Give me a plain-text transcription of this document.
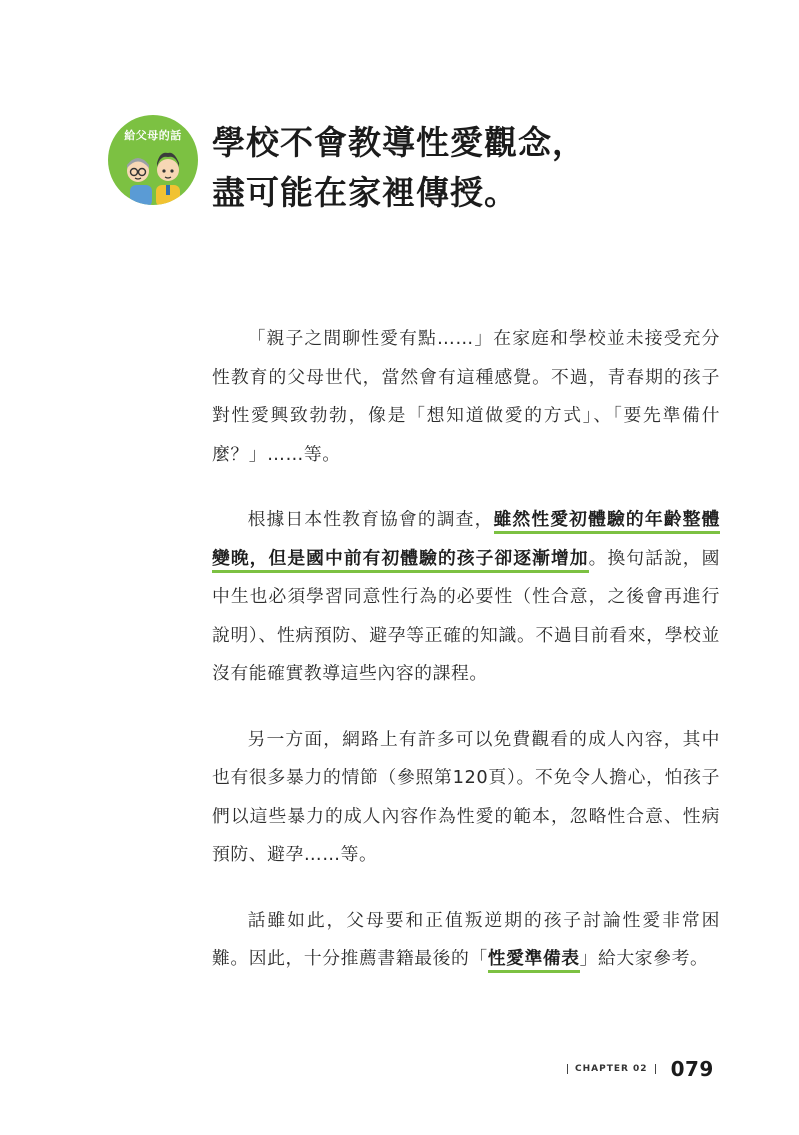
給父母的話 學校不會教導性愛觀念，
盡可能在家裡傳授。

「親子之間聊性愛有點……」在家庭和學校並未接受充分性教育的父母世代，當然會有這種感覺。不過，青春期的孩子對性愛興致勃勃，像是「想知道做愛的方式」、「要先準備什麼？」……等。

根據日本性教育協會的調查，雖然性愛初體驗的年齡整體變晚，但是國中前有初體驗的孩子卻逐漸增加。換句話說，國中生也必須學習同意性行為的必要性（性合意，之後會再進行說明）、性病預防、避孕等正確的知識。不過目前看來，學校並沒有能確實教導這些內容的課程。

另一方面，網路上有許多可以免費觀看的成人內容，其中也有很多暴力的情節（參照第120頁）。不免令人擔心，怕孩子們以這些暴力的成人內容作為性愛的範本，忽略性合意、性病預防、避孕……等。

話雖如此，父母要和正值叛逆期的孩子討論性愛非常困難。因此，十分推薦書籍最後的「性愛準備表」給大家參考。

CHAPTER 02 079
